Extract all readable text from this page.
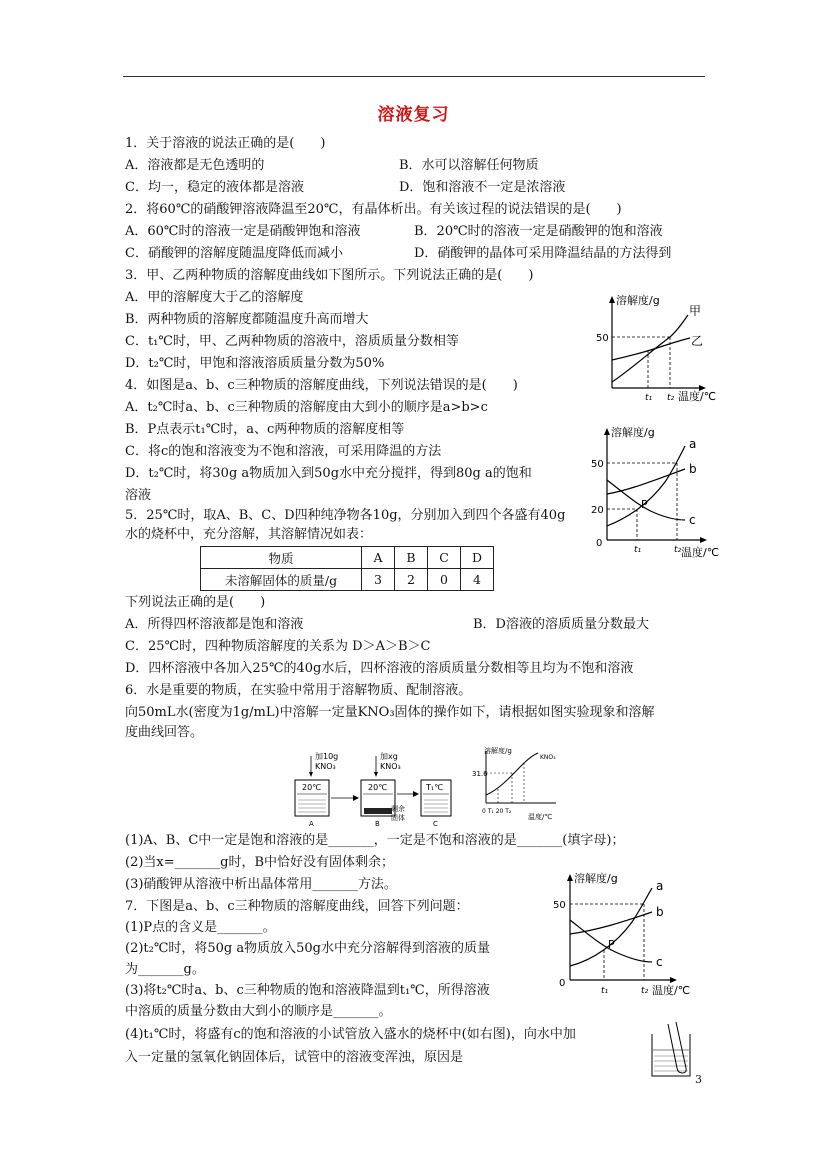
溶液复习
1．关于溶液的说法正确的是(　　)
A．溶液都是无色透明的	B．水可以溶解任何物质
C．均一，稳定的液体都是溶液	D．饱和溶液不一定是浓溶液
2．将60℃的硝酸钾溶液降温至20℃，有晶体析出。有关该过程的说法错误的是(　　)
A．60℃时的溶液一定是硝酸钾饱和溶液	B．20℃时的溶液一定是硝酸钾的饱和溶液
C．硝酸钾的溶解度随温度降低而减小	D．硝酸钾的晶体可采用降温结晶的方法得到
3．甲、乙两种物质的溶解度曲线如下图所示。下列说法正确的是(　　)
A．甲的溶解度大于乙的溶解度
B．两种物质的溶解度都随温度升高而增大
C．t₁℃时，甲、乙两种物质的溶液中，溶质质量分数相等
D．t₂℃时，甲饱和溶液溶质质量分数为50%
溶解度/g
50
t₁ t₂ 温度/℃
甲
乙
4．如图是a、b、c三种物质的溶解度曲线，下列说法错误的是(　　)
A．t₂℃时a、b、c三种物质的溶解度由大到小的顺序是a>b>c
B．P点表示t₁℃时，a、c两种物质的溶解度相等
C．将c的饱和溶液变为不饱和溶液，可采用降温的方法
D．t₂℃时，将30g a物质加入到50g水中充分搅拌，得到80g a的饱和
溶液
溶解度/g
50
20
0
t₁	t₂ 温度/℃
a
b
c
P
5．25℃时，取A、B、C、D四种纯净物各10g，分别加入到四个各盛有40g
水的烧杯中，充分溶解，其溶解情况如表：
物质	A	B	C	D
未溶解固体的质量/g	3	2	0	4
下列说法正确的是(　　)
A．所得四杯溶液都是饱和溶液	B．D溶液的溶质质量分数最大
C．25℃时，四种物质溶解度的关系为 D＞A＞B＞C
D．四杯溶液中各加入25℃的40g水后，四杯溶液的溶质质量分数相等且均为不饱和溶液
6．水是重要的物质，在实验中常用于溶解物质、配制溶液。
向50mL水(密度为1g/mL)中溶解一定量KNO₃固体的操作如下，请根据如图实验现象和溶解
度曲线回答。
加10g
KNO₃
20℃
A
加xg
KNO₃
20℃
B
剩余
固体
T₁℃
C
溶解度/g
KNO₃
31.6
0 T₁ 20 T₂
温度/℃
(1)A、B、C中一定是饱和溶液的是_______，一定是不饱和溶液的是_______(填字母)；
(2)当x=_______g时，B中恰好没有固体剩余；
(3)硝酸钾从溶液中析出晶体常用_______方法。
7．下图是a、b、c三种物质的溶解度曲线，回答下列问题：
(1)P点的含义是_______。
(2)t₂℃时，将50g a物质放入50g水中充分溶解得到溶液的质量
为_______g。
(3)将t₂℃时a、b、c三种物质的饱和溶液降温到t₁℃，所得溶液
中溶质的质量分数由大到小的顺序是_______。
(4)t₁℃时，将盛有c的饱和溶液的小试管放入盛水的烧杯中(如右图)，向水中加
入一定量的氢氧化钠固体后，试管中的溶液变浑浊，原因是
溶解度/g
50
0
t₁	t₂ 温度/℃
a
b
c
P
3
